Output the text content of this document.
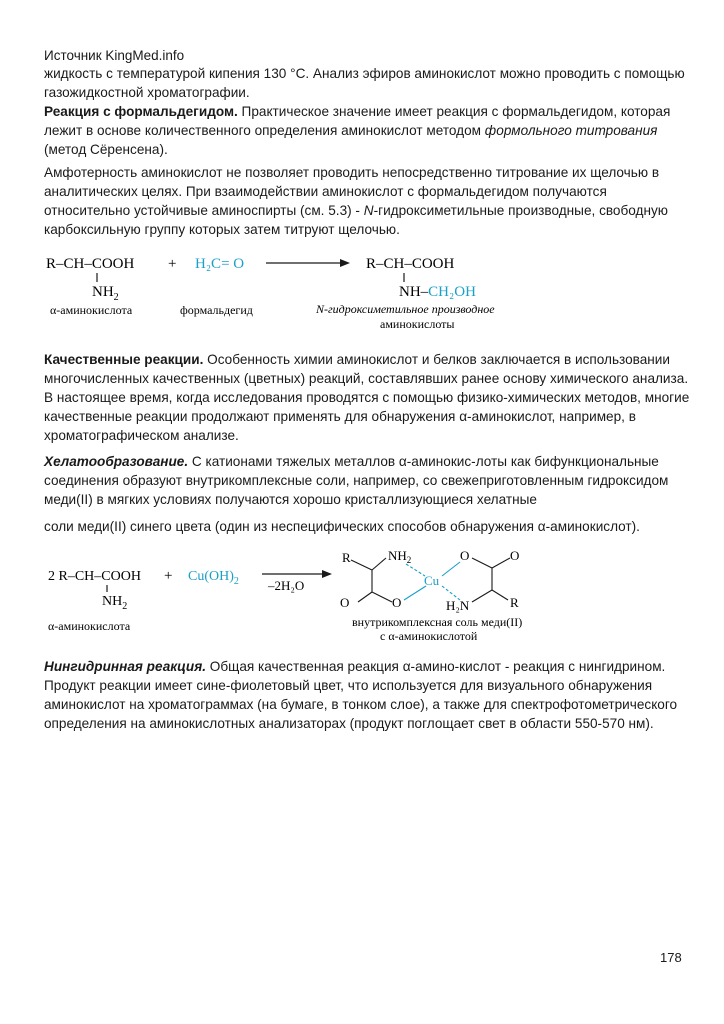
Источник KingMed.info
жидкость с температурой кипения 130 °С. Анализ эфиров аминокислот можно проводить с помощью газожидкостной хроматографии.
Реакция с формальдегидом. Практическое значение имеет реакция с формальдегидом, которая лежит в основе количественного определения аминокислот методом формольного титрования (метод Сёренсена).
Амфотерность аминокислот не позволяет проводить непосредственно титрование их щелочью в аналитических целях. При взаимодействии аминокислот с формальдегидом получаются относительно устойчивые аминоспирты (см. 5.3) - N-гидроксиметильные производные, свободную карбоксильную группу которых затем титруют щелочью.
R–CH–COOH
$NH_2$
+ H₂C= O	R–CH–COOH
NH–CH₂OH
α-аминокислота	формальдегид	N-гидроксиметильное производное
аминокислоты
Качественные реакции. Особенность химии аминокислот и белков заключается в использовании многочисленных качественных (цветных) реакций, составлявших ранее основу химического анализа. В настоящее время, когда исследования проводятся с помощью физико-химических методов, многие качественные реакции продолжают применять для обнаружения α-аминокислот, например, в хроматографическом анализе.
Хелатообразование. С катионами тяжелых металлов α-аминокис-лоты как бифункциональные соединения образуют внутрикомплексные соли, например, со свежеприготовленным гидроксидом меди(II) в мягких условиях получаются хорошо кристаллизующиеся хелатные
соли меди(II) синего цвета (один из неспецифических способов обнаружения α-аминокислот).
2 R–CH–COOH
$NH_2$
+ $Cu(OH)_2$ –2H₂O
R	$NH_2$
O	O
Cu
O	O
H₂N	R
α-аминокислота	внутрикомплексная соль меди(II)
с α-аминокислотой
Нингидринная реакция. Общая качественная реакция α-амино-кислот - реакция с нингидрином. Продукт реакции имеет сине-фиолетовый цвет, что используется для визуального обнаружения аминокислот на хроматограммах (на бумаге, в тонком слое), а также для спектрофотометрического определения на аминокислотных анализаторах (продукт поглощает свет в области 550-570 нм).
178
